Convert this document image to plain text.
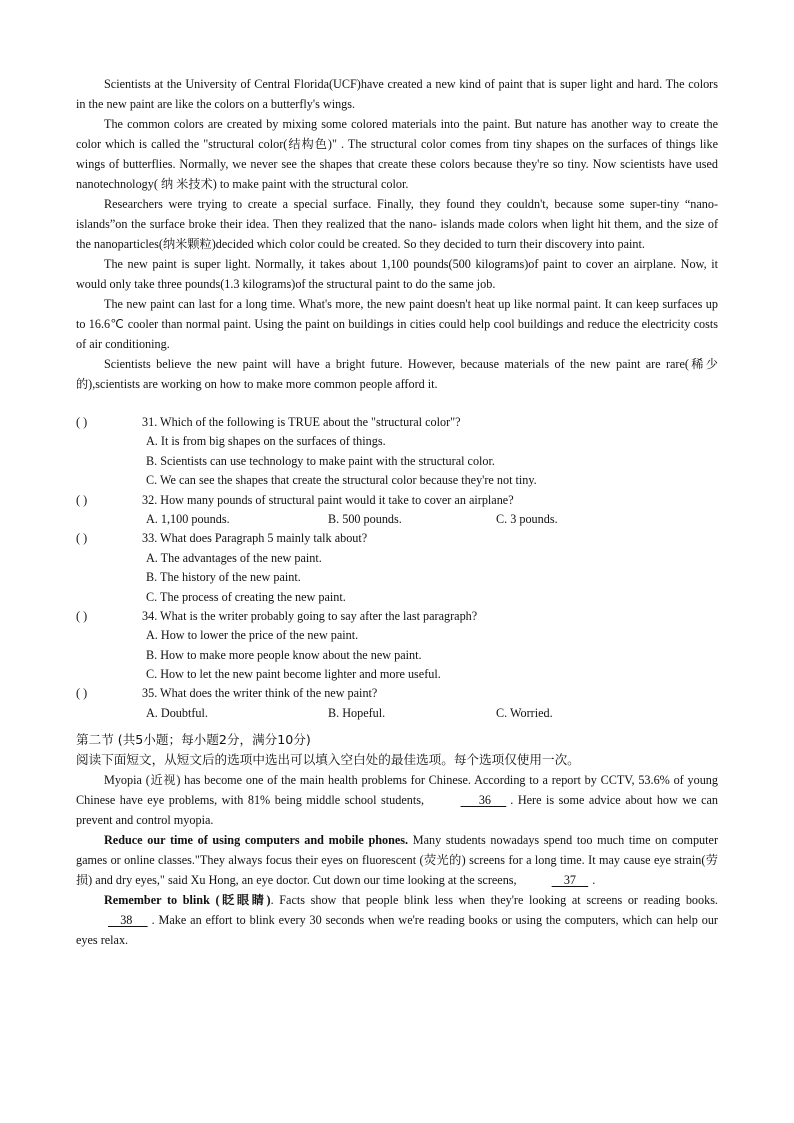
Scientists at the University of Central Florida(UCF)have created a new kind of paint that is super light and hard. The colors in the new paint are like the colors on a butterfly's wings.

The common colors are created by mixing some colored materials into the paint. But nature has another way to create the color which is called the "structural color(结构色)" . The structural color comes from tiny shapes on the surfaces of things like wings of butterflies. Normally, we never see the shapes that create these colors because they're so tiny. Now scientists have used nanotechnology( 纳 米技术) to make paint with the structural color.

Researchers were trying to create a special surface. Finally, they found they couldn't, because some super-tiny “nano-islands”on the surface broke their idea. Then they realized that the nano- islands made colors when light hit them, and the size of the nanoparticles(纳米颗粒)decided which color could be created. So they decided to turn their discovery into paint.

The new paint is super light. Normally, it takes about 1,100 pounds(500 kilograms)of paint to cover an airplane. Now, it would only take three pounds(1.3 kilograms)of the structural paint to do the same job.

The new paint can last for a long time. What's more, the new paint doesn't heat up like normal paint. It can keep surfaces up to 16.6℃ cooler than normal paint. Using the paint on buildings in cities could help cool buildings and reduce the electricity costs of air conditioning.

Scientists believe the new paint will have a bright future. However, because materials of the new paint are rare(稀少的),scientists are working on how to make more common people afford it.

( )	31. Which of the following is TRUE about the "structural color"?
A. It is from big shapes on the surfaces of things.
B. Scientists can use technology to make paint with the structural color.
C. We can see the shapes that create the structural color because they're not tiny.
( )	32. How many pounds of structural paint would it take to cover an airplane?
A. 1,100 pounds.	B. 500 pounds.	C. 3 pounds.
( )	33. What does Paragraph 5 mainly talk about?
A. The advantages of the new paint.
B. The history of the new paint.
C. The process of creating the new paint.
( )	34. What is the writer probably going to say after the last paragraph?
A. How to lower the price of the new paint.
B. How to make more people know about the new paint.
C. How to let the new paint become lighter and more useful.
( )	35. What does the writer think of the new paint?
A. Doubtful.	B. Hopeful.	C. Worried.
第二节 (共5小题；每小题2分，满分10分)
阅读下面短文，从短文后的选项中选出可以填入空白处的最佳选项。每个选项仅使用一次。

Myopia (近视) has become one of the main health problems for Chinese. According to a report by CCTV, 53.6% of young Chinese have eye problems, with 81% being middle school students,	36     . Here is some advice about how we can prevent and control myopia.

Reduce our time of using computers and mobile phones. Many students nowadays spend too much time on computer games or online classes."They always focus their eyes on fluorescent (荧光的) screens for a long time. It may cause eye strain(劳损) and dry eyes," said Xu Hong, an eye doctor. Cut down our time looking at the screens,	37    .

Remember to blink (眨眼睛). Facts show that people blink less when they're looking at screens or reading books.     38     . Make an effort to blink every 30 seconds when we're reading books or using the computers, which can help our eyes relax.
